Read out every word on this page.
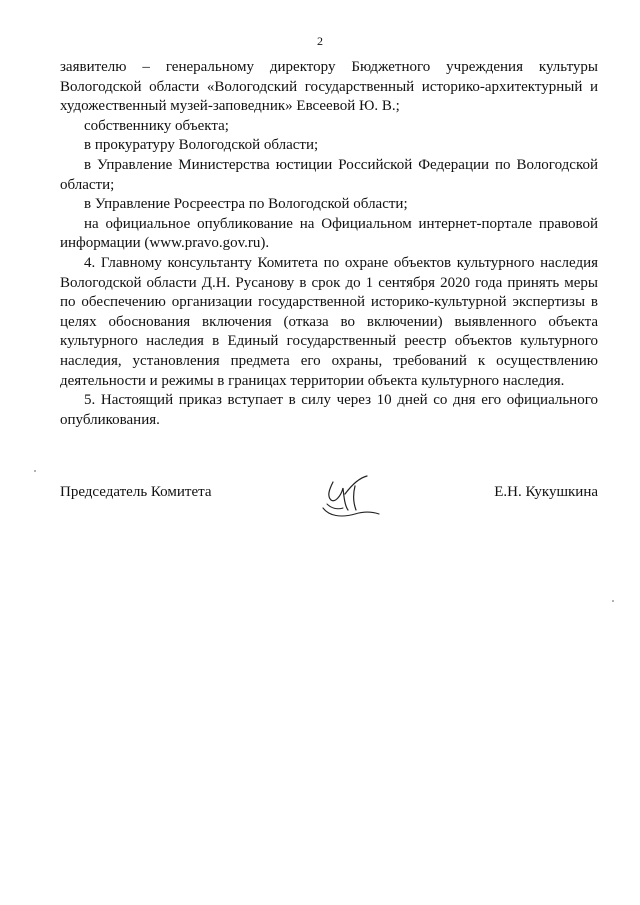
2

заявителю – генеральному директору Бюджетного учреждения культуры Вологодской области «Вологодский государственный историко-архитектурный и художественный музей-заповедник» Евсеевой Ю. В.;

собственнику объекта;

в прокуратуру Вологодской области;

в Управление Министерства юстиции Российской Федерации по Вологодской области;

в Управление Росреестра по Вологодской области;

на официальное опубликование на Официальном интернет-портале правовой информации (www.pravo.gov.ru).

4. Главному консультанту Комитета по охране объектов культурного наследия Вологодской области Д.Н. Русанову в срок до 1 сентября 2020 года принять меры по обеспечению организации государственной историко-культурной экспертизы в целях обоснования включения (отказа во включении) выявленного объекта культурного наследия в Единый государственный реестр объектов культурного наследия, установления предмета его охраны, требований к осуществлению деятельности и режимы в границах территории объекта культурного наследия.

5. Настоящий приказ вступает в силу через 10 дней со дня его официального опубликования.

Председатель Комитета	Е.Н. Кукушкина
